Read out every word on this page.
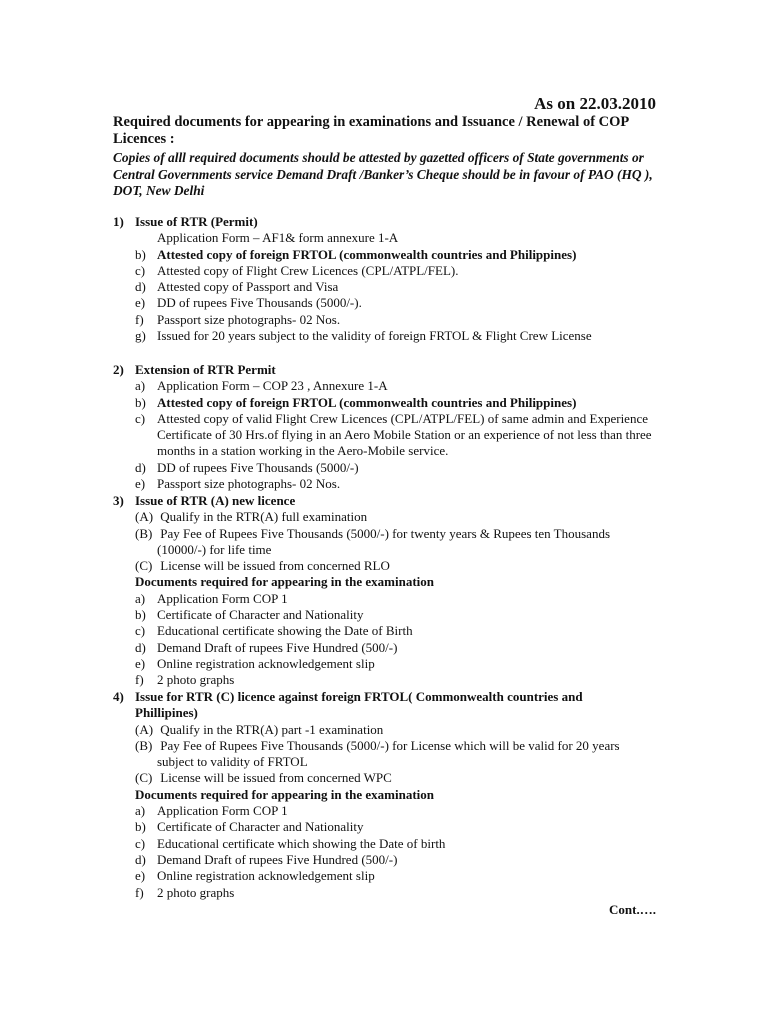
As on 22.03.2010
Required documents for appearing in examinations and Issuance / Renewal of COP Licences :
Copies of alll required documents should be attested by gazetted officers of State governments or Central Governments service Demand Draft /Banker’s Cheque should be in favour of PAO (HQ ), DOT, New Delhi
1) Issue of RTR (Permit)
Application Form – AF1& form annexure 1-A
b) Attested copy of foreign FRTOL (commonwealth countries and Philippines)
c) Attested copy of Flight Crew Licences (CPL/ATPL/FEL).
d) Attested copy of Passport and Visa
e) DD of rupees Five Thousands (5000/-).
f)	Passport size photographs- 02 Nos.
g) Issued for 20 years subject to the validity of foreign FRTOL & Flight Crew License
2) Extension of RTR Permit
a) Application Form – COP 23 , Annexure 1-A
b) Attested copy of foreign FRTOL (commonwealth countries and Philippines)
c) Attested copy of valid Flight Crew Licences (CPL/ATPL/FEL) of same admin and Experience Certificate of 30 Hrs.of flying in an Aero Mobile Station or an experience of not less than three months in a station working in the Aero-Mobile service.
d) DD of rupees Five Thousands (5000/-)
e) Passport size photographs- 02 Nos.
3) Issue of RTR (A) new licence
(A) Qualify in the RTR(A) full examination
(B) Pay Fee of Rupees Five Thousands (5000/-) for twenty years & Rupees ten Thousands
(10000/-) for life time
(C) License will be issued from concerned RLO
Documents required for appearing in the examination
a) Application Form COP 1
b) Certificate of Character and Nationality
c) Educational certificate showing the Date of Birth
d) Demand Draft of rupees Five Hundred (500/-)
e) Online registration acknowledgement slip
f)	2 photo graphs
4) Issue for RTR (C) licence against foreign FRTOL( Commonwealth countries and Phillipines)
(A) Qualify in the RTR(A) part -1 examination
(B) Pay Fee of Rupees Five Thousands (5000/-) for License which will be valid for 20 years
subject to validity of FRTOL
(C) License will be issued from concerned WPC
Documents required for appearing in the examination
a) Application Form COP 1
b) Certificate of Character and Nationality
c) Educational certificate which showing the Date of birth
d) Demand Draft of rupees Five Hundred (500/-)
e) Online registration acknowledgement slip
f)	2 photo graphs
Cont.….
